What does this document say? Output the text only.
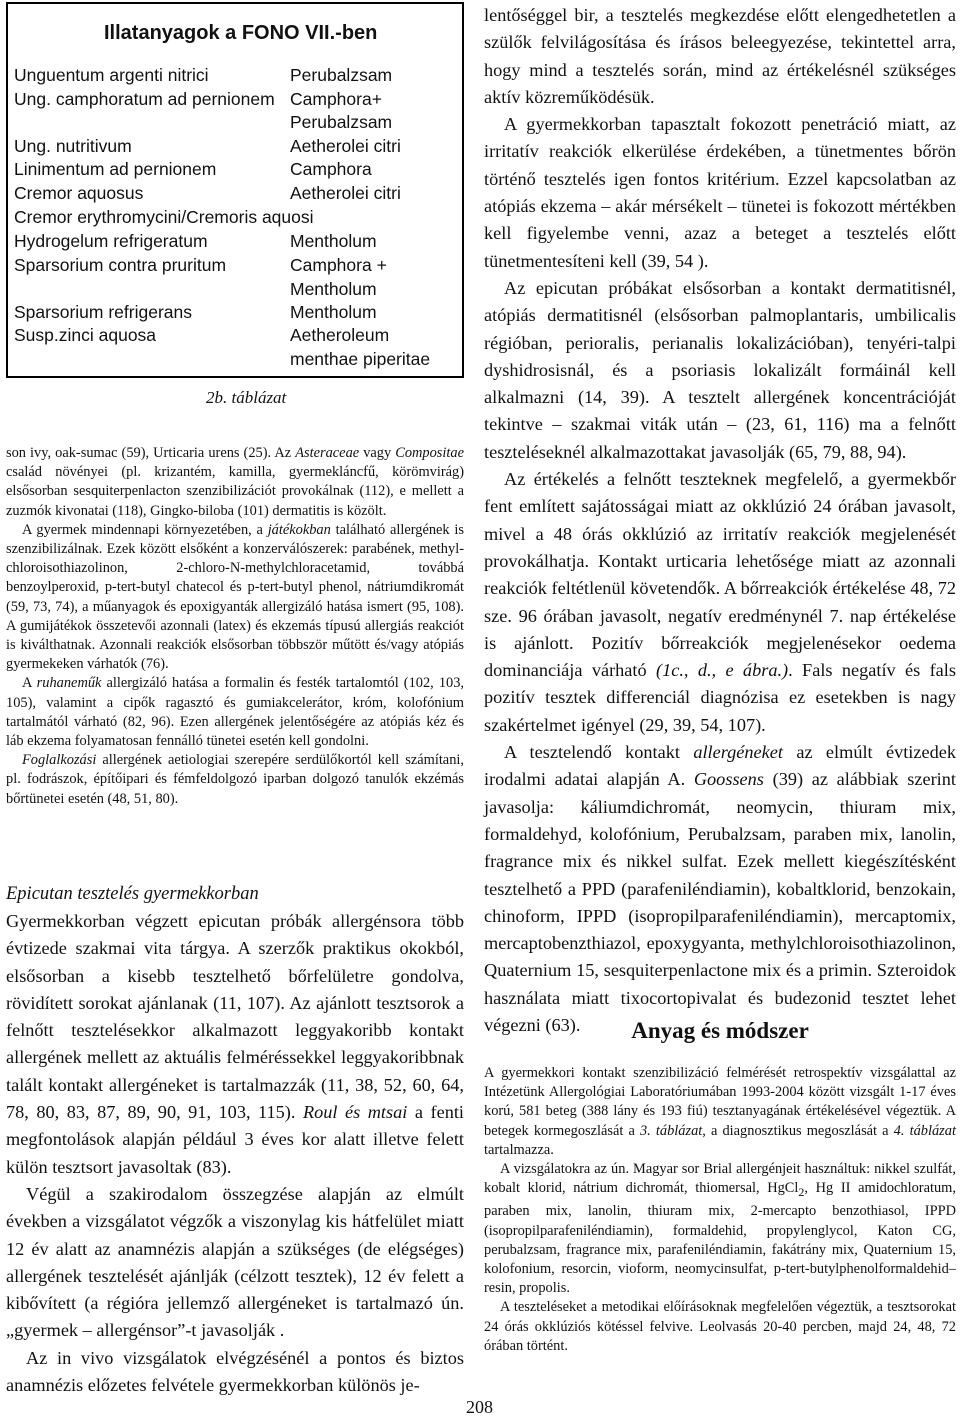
Illatanyagok a FONO VII.-ben
Unguentum argenti nitrici	Perubalzsam
Ung. camphoratum ad pernionem Camphora+
Perubalzsam
Ung. nutritivum	Aetherolei citri
Linimentum ad pernionem	Camphora
Cremor aquosus	Aetherolei citri
Cremor erythromycini/Cremoris aquosi
Hydrogelum refrigeratum	Mentholum
Sparsorium contra pruritum	Camphora +
Mentholum
Sparsorium refrigerans	Mentholum
Susp.zinci aquosa	Aetheroleum
menthae piperitae
2b. táblázat

son ivy, oak-sumac (59), Urticaria urens (25). Az Asteraceae vagy Compositae család növényei (pl. krizantém, kamilla, gyermekláncfű, körömvirág) elsősorban sesquiterpenlacton szenzibilizációt provokálnak (112), e mellett a zuzmók kivonatai (118), Gingko-biloba (101) dermatitis is közölt.

A gyermek mindennapi környezetében, a játékokban található allergének is szenzibilizálnak. Ezek között elsőként a konzerválószerek: parabének, methyl-chloroisothiazolinon, 2-chloro-N-methylchloracetamid, továbbá benzoylperoxid, p-tert-butyl chatecol és p-tert-butyl phenol, nátriumdikromát (59, 73, 74), a műanyagok és epoxigyanták allergizáló hatása ismert (95, 108). A gumijátékok összetevői azonnali (latex) és ekzemás típusú allergiás reakciót is kiválthatnak. Azonnali reakciók elsősorban többször műtött és/vagy atópiás gyermekeken várhatók (76).

A ruhaneműk allergizáló hatása a formalin és festék tartalomtól (102, 103, 105), valamint a cipők ragasztó és gumiakcelerátor, króm, kolofónium tartalmától várható (82, 96). Ezen allergének jelentőségére az atópiás kéz és láb ekzema folyamatosan fennálló tünetei esetén kell gondolni.

Foglalkozási allergének aetiologiai szerepére serdülőkortól kell számítani, pl. fodrászok, építőipari és fémfeldolgozó iparban dolgozó tanulók ekzémás bőrtünetei esetén (48, 51, 80).

Epicutan tesztelés gyermekkorban

Gyermekkorban végzett epicutan próbák allergénsora több évtizede szakmai vita tárgya. A szerzők praktikus okokból, elsősorban a kisebb tesztelhető bőrfelületre gondolva, rövidített sorokat ajánlanak (11, 107). Az ajánlott tesztsorok a felnőtt tesztelésekkor alkalmazott leggyakoribb kontakt allergének mellett az aktuális felméréssekkel leggyakoribbnak talált kontakt allergéneket is tartalmazzák (11, 38, 52, 60, 64, 78, 80, 83, 87, 89, 90, 91, 103, 115). Roul és mtsai a fenti megfontolások alapján például 3 éves kor alatt illetve felett külön tesztsort javasoltak (83).

Végül a szakirodalom összegzése alapján az elmúlt években a vizsgálatot végzők a viszonylag kis hátfelület miatt 12 év alatt az anamnézis alapján a szükséges (de elégséges) allergének tesztelését ajánlják (célzott tesztek), 12 év felett a kibővített (a régióra jellemző allergéneket is tartalmazó ún. „gyermek – allergénsor”-t javasolják .

Az in vivo vizsgálatok elvégzésénél a pontos és biztos anamnézis előzetes felvétele gyermekkorban különös je-

lentőséggel bir, a tesztelés megkezdése előtt elengedhetetlen a szülők felvilágosítása és írásos beleegyezése, tekintettel arra, hogy mind a tesztelés során, mind az értékelésnél szükséges aktív közreműködésük.

A gyermekkorban tapasztalt fokozott penetráció miatt, az irritatív reakciók elkerülése érdekében, a tünetmentes bőrön történő tesztelés igen fontos kritérium. Ezzel kapcsolatban az atópiás ekzema – akár mérsékelt – tünetei is fokozott mértékben kell figyelembe venni, azaz a beteget a tesztelés előtt tünetmentesíteni kell (39, 54 ).

Az epicutan próbákat elsősorban a kontakt dermatitisnél, atópiás dermatitisnél (elsősorban palmoplantaris, umbilicalis régióban, perioralis, perianalis lokalizációban), tenyéri-talpi dyshidrosisnál, és a psoriasis lokalizált formáinál kell alkalmazni (14, 39). A tesztelt allergének koncentrációját tekintve – szakmai viták után – (23, 61, 116) ma a felnőtt teszteléseknél alkalmazottakat javasolják (65, 79, 88, 94).

Az értékelés a felnőtt teszteknek megfelelő, a gyermekbőr fent említett sajátosságai miatt az okklúzió 24 órában javasolt, mivel a 48 órás okklúzió az irritatív reakciók megjelenését provokálhatja. Kontakt urticaria lehetősége miatt az azonnali reakciók feltétlenül követendők. A bőrreakciók értékelése 48, 72 sze. 96 órában javasolt, negatív eredménynél 7. nap értékelése is ajánlott. Pozitív bőrreakciók megjelenésekor oedema dominanciája várható (1c., d., e ábra.). Fals negatív és fals pozitív tesztek differenciál diagnózisa ez esetekben is nagy szakértelmet igényel (29, 39, 54, 107).

A tesztelendő kontakt allergéneket az elmúlt évtizedek irodalmi adatai alapján A. Goossens (39) az alábbiak szerint javasolja: káliumdichromát, neomycin, thiuram mix, formaldehyd, kolofónium, Perubalzsam, paraben mix, lanolin, fragrance mix és nikkel sulfat. Ezek mellett kiegészítésként tesztelhető a PPD (parafeniléndiamin), kobaltklorid, benzokain, chinoform, IPPD (isopropilparafeniléndiamin), mercaptomix, mercaptobenzthiazol, epoxygyanta, methylchloroisothiazolinon, Quaternium 15, sesquiterpenlactone mix és a primin. Szteroidok használata miatt tixocortopivalat és budezonid tesztet lehet végezni (63).	Anyag és módszer

A gyermekkori kontakt szenzibilizáció felmérését retrospektív vizsgálattal az Intézetünk Allergológiai Laboratóriumában 1993-2004 között vizsgált 1-17 éves korú, 581 beteg (388 lány és 193 fiú) tesztanyagának értékelésével végeztük. A betegek kormegoszlását a 3. táblázat, a diagnosztikus megoszlását a 4. táblázat tartalmazza.

A vizsgálatokra az ún. Magyar sor Brial allergénjeit használtuk: nikkel szulfát, kobalt klorid, nátrium dichromát, thiomersal, HgCl$_2$, Hg II amidochloratum, paraben mix, lanolin, thiuram mix, 2-mercapto benzothiasol, IPPD (isopropilparafeniléndiamin), formaldehid, propylenglycol, Katon CG, perubalzsam, fragrance mix, parafeniléndiamin, fakátrány mix, Quaternium 15, kolofonium, resorcin, vioform, neomycinsulfat, p-tert-butylphenolformaldehid–resin, propolis.

A teszteléseket a metodikai előírásoknak megfelelően végeztük, a tesztsorokat 24 órás okklúziós kötéssel felvive. Leolvasás 20-40 percben, majd 24, 48, 72 órában történt.

208
